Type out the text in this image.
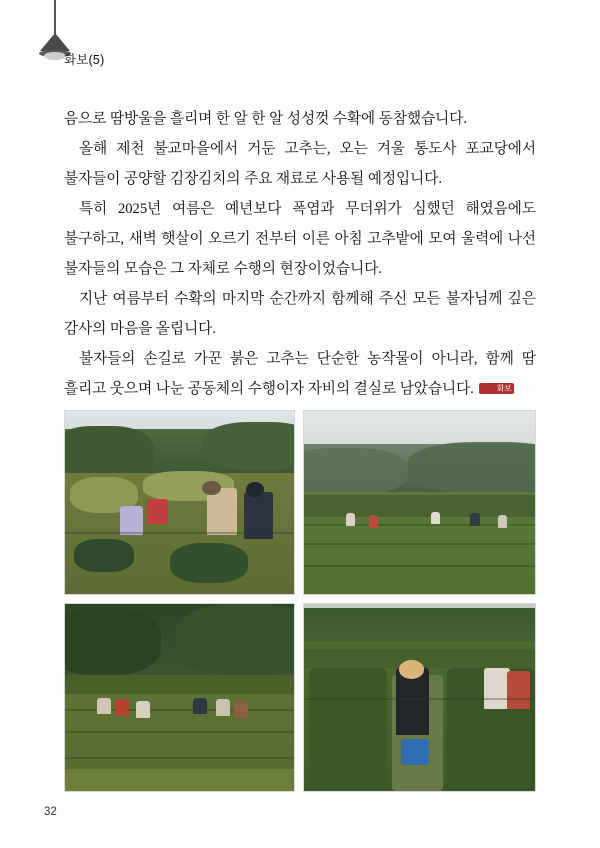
화보(5)

음으로 땀방울을 흘리며 한 알 한 알 성성껏 수확에 동참했습니다.

올해 제천 불교마을에서 거둔 고추는, 오는 겨울 통도사 포교당에서 불자들이 공양할 김장김치의 주요 재료로 사용될 예정입니다.

특히 2025년 여름은 예년보다 폭염과 무더위가 심했던 해였음에도 불구하고, 새벽 햇살이 오르기 전부터 이른 아침 고추밭에 모여 울력에 나선 불자들의 모습은 그 자체로 수행의 현장이었습니다.

지난 여름부터 수확의 마지막 순간까지 함께해 주신 모든 불자님께 깊은 감사의 마음을 올립니다.

불자들의 손길로 가꾼 붉은 고추는 단순한 농작물이 아니라, 함께 땀 흘리고 웃으며 나눈 공동체의 수행이자 자비의 결실로 남았습니다.	화보

32
